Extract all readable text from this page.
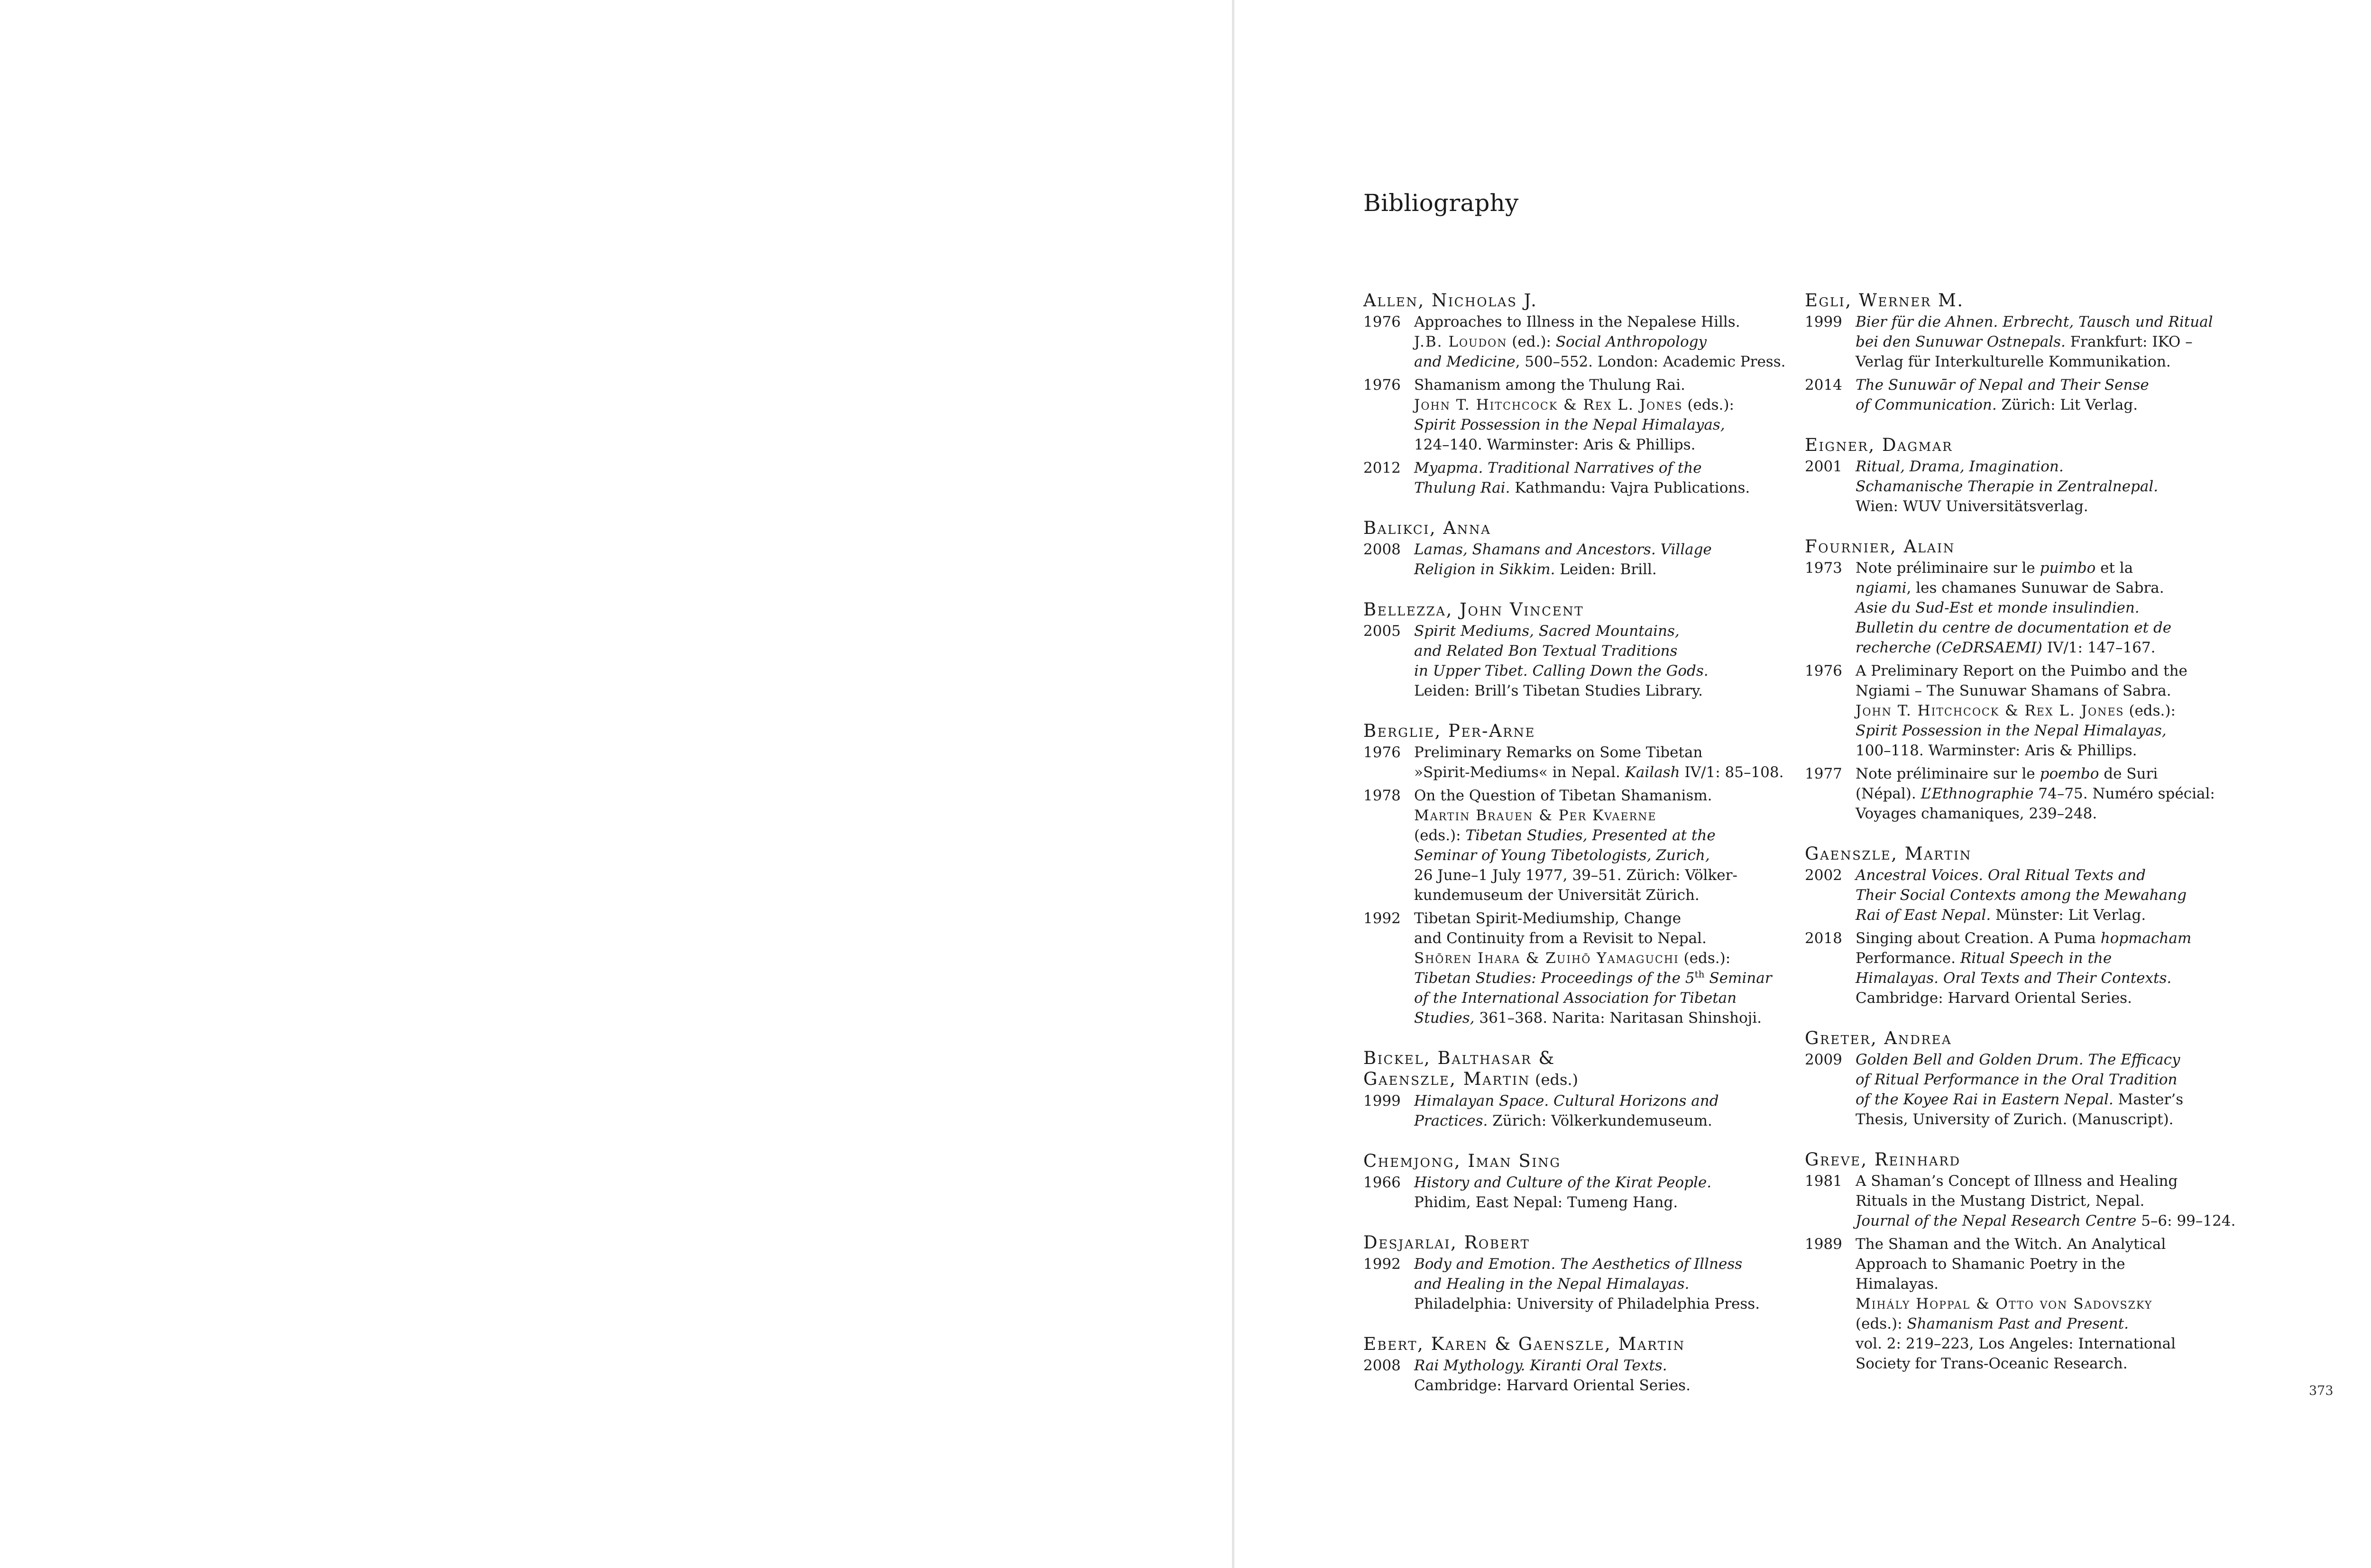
Bibliography
Allen, Nicholas J.
1976 Approaches to Illness in the Nepalese Hills.
J.B. Loudon (ed.): Social Anthropology
and Medicine, 500–552. London: Academic Press.
1976 Shamanism among the Thulung Rai.
John T. Hitchcock & Rex L. Jones (eds.):
Spirit Possession in the Nepal Himalayas,
124–140. Warminster: Aris & Phillips.
2012 Myapma. Traditional Narratives of the
Thulung Rai. Kathmandu: Vajra Publications.
Balikci, Anna
2008 Lamas, Shamans and Ancestors. Village
Religion in Sikkim. Leiden: Brill.
Bellezza, John Vincent
2005 Spirit Mediums, Sacred Mountains,
and Related Bon Textual Traditions
in Upper Tibet. Calling Down the Gods.
Leiden: Brill’s Tibetan Studies Library.
Berglie, Per-Arne
1976 Preliminary Remarks on Some Tibetan
»Spirit-Mediums« in Nepal. Kailash IV/1: 85–108.
1978 On the Question of Tibetan Shamanism.
Martin Brauen & Per Kvaerne
(eds.): Tibetan Studies, Presented at the
Seminar of Young Tibetologists, Zurich,
26 June–1 July 1977, 39–51. Zürich: Völker-
kundemuseum der Universität Zürich.
1992 Tibetan Spirit-Mediumship, Change
and Continuity from a Revisit to Nepal.
Shōren Ihara & Zuihō Yamaguchi (eds.):
Tibetan Studies: Proceedings of the 5th Seminar
of the International Association for Tibetan
Studies, 361–368. Narita: Naritasan Shinshoji.
Bickel, Balthasar &
Gaenszle, Martin (eds.)
1999 Himalayan Space. Cultural Horizons and
Practices. Zürich: Völkerkundemuseum.
Chemjong, Iman Sing
1966 History and Culture of the Kirat People.
Phidim, East Nepal: Tumeng Hang.
Desjarlai, Robert
1992 Body and Emotion. The Aesthetics of Illness
and Healing in the Nepal Himalayas.
Philadelphia: University of Philadelphia Press.
Ebert, Karen & Gaenszle, Martin
2008 Rai Mythology. Kiranti Oral Texts.
Cambridge: Harvard Oriental Series.
Egli, Werner M.
1999 Bier für die Ahnen. Erbrecht, Tausch und Ritual
bei den Sunuwar Ostnepals. Frankfurt: IKO –
Verlag für Interkulturelle Kommunikation.
2014 The Sunuwār of Nepal and Their Sense
of Communication. Zürich: Lit Verlag.
Eigner, Dagmar
2001 Ritual, Drama, Imagination.
Schamanische Therapie in Zentralnepal.
Wien: WUV Universitätsverlag.
Fournier, Alain
1973 Note préliminaire sur le puimbo et la
ngiami, les chamanes Sunuwar de Sabra.
Asie du Sud-Est et monde insulindien.
Bulletin du centre de documentation et de
recherche (CeDRSAEMI) IV/1: 147–167.
1976 A Preliminary Report on the Puimbo and the
Ngiami – The Sunuwar Shamans of Sabra.
John T. Hitchcock & Rex L. Jones (eds.):
Spirit Possession in the Nepal Himalayas,
100–118. Warminster: Aris & Phillips.
1977 Note préliminaire sur le poembo de Suri
(Népal). L’Ethnographie 74–75. Numéro spécial:
Voyages chamaniques, 239–248.
Gaenszle, Martin
2002 Ancestral Voices. Oral Ritual Texts and
Their Social Contexts among the Mewahang
Rai of East Nepal. Münster: Lit Verlag.
2018 Singing about Creation. A Puma hopmacham
Performance. Ritual Speech in the
Himalayas. Oral Texts and Their Contexts.
Cambridge: Harvard Oriental Series.
Greter, Andrea
2009 Golden Bell and Golden Drum. The Efficacy
of Ritual Performance in the Oral Tradition
of the Koyee Rai in Eastern Nepal. Master’s
Thesis, University of Zurich. (Manuscript).
Greve, Reinhard
1981 A Shaman’s Concept of Illness and Healing
Rituals in the Mustang District, Nepal.
Journal of the Nepal Research Centre 5–6: 99–124.
1989 The Shaman and the Witch. An Analytical
Approach to Shamanic Poetry in the
Himalayas.
Mihály Hoppal & Otto von Sadovszky
(eds.): Shamanism Past and Present.
vol. 2: 219–223, Los Angeles: International
Society for Trans-Oceanic Research.
373
